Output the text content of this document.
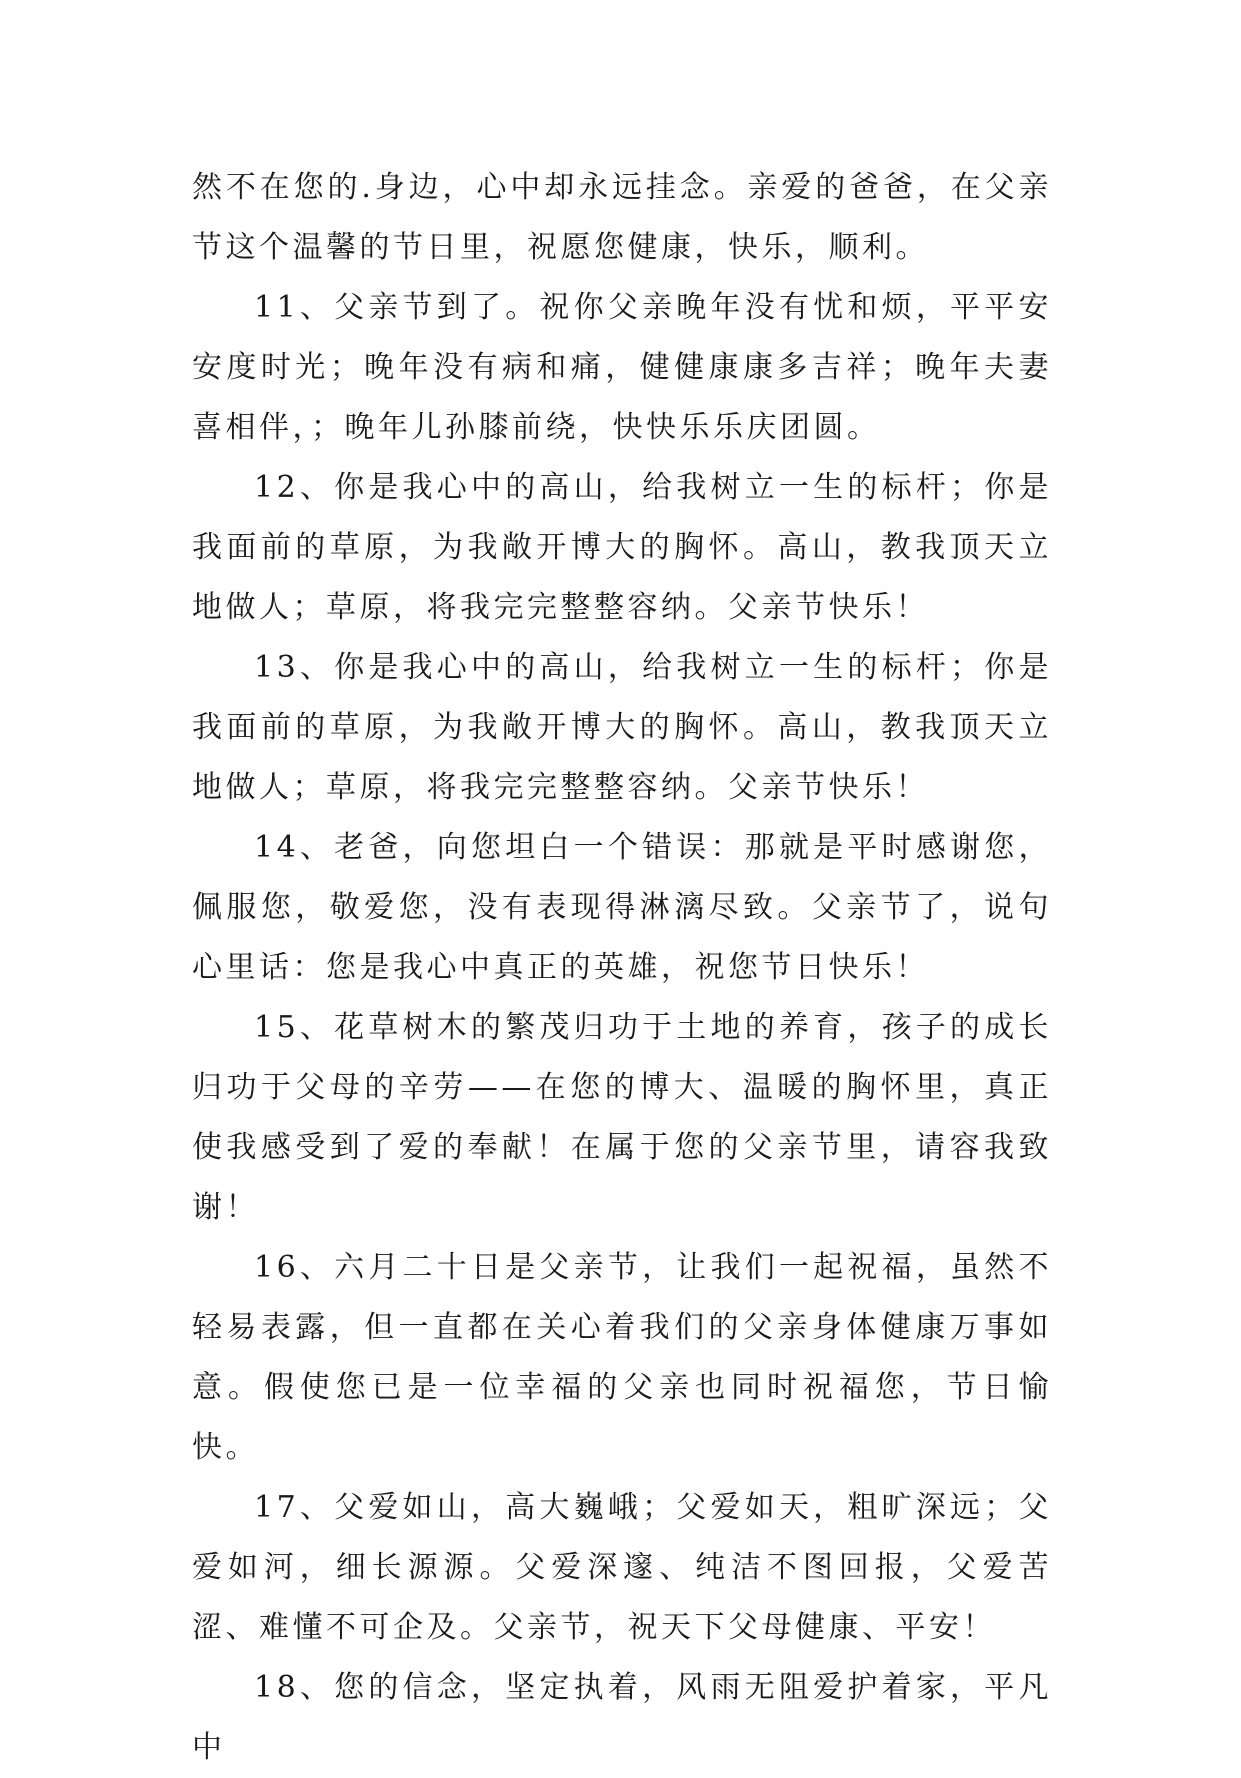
然不在您的.身边，心中却永远挂念。亲爱的爸爸，在父亲节这个温馨的节日里，祝愿您健康，快乐，顺利。

11、父亲节到了。祝你父亲晚年没有忧和烦，平平安安度时光；晚年没有病和痛，健健康康多吉祥；晚年夫妻喜相伴，；晚年儿孙膝前绕，快快乐乐庆团圆。

12、你是我心中的高山，给我树立一生的标杆；你是我面前的草原，为我敞开博大的胸怀。高山，教我顶天立地做人；草原，将我完完整整容纳。父亲节快乐！

13、你是我心中的高山，给我树立一生的标杆；你是我面前的草原，为我敞开博大的胸怀。高山，教我顶天立地做人；草原，将我完完整整容纳。父亲节快乐！

14、老爸，向您坦白一个错误：那就是平时感谢您，佩服您，敬爱您，没有表现得淋漓尽致。父亲节了，说句心里话：您是我心中真正的英雄，祝您节日快乐！

15、花草树木的繁茂归功于土地的养育，孩子的成长归功于父母的辛劳——在您的博大、温暖的胸怀里，真正使我感受到了爱的奉献！在属于您的父亲节里，请容我致谢！

16、六月二十日是父亲节，让我们一起祝福，虽然不轻易表露，但一直都在关心着我们的父亲身体健康万事如意。假使您已是一位幸福的父亲也同时祝福您，节日愉快。

17、父爱如山，高大巍峨；父爱如天，粗旷深远；父爱如河，细长源源。父爱深邃、纯洁不图回报，父爱苦涩、难懂不可企及。父亲节，祝天下父母健康、平安！

18、您的信念，坚定执着，风雨无阻爱护着家，平凡中
